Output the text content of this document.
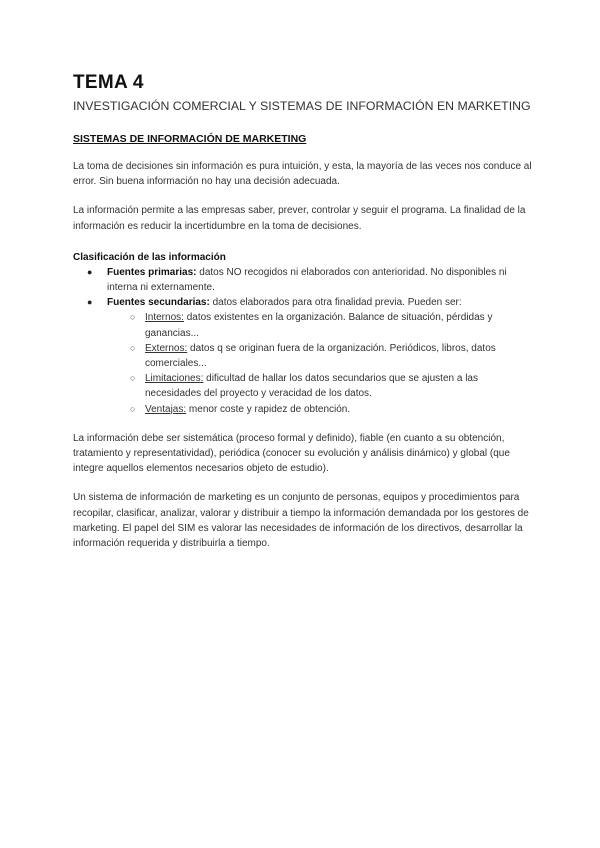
TEMA 4
INVESTIGACIÓN COMERCIAL Y SISTEMAS DE INFORMACIÓN EN MARKETING
SISTEMAS DE INFORMACIÓN DE MARKETING

La toma de decisiones sin información es pura intuición, y esta, la mayoría de las veces nos conduce al error. Sin buena información no hay una decisión adecuada.

La información permite a las empresas saber, prever, controlar y seguir el programa. La finalidad de la información es reducir la incertidumbre en la toma de decisiones.

Clasificación de las información
● Fuentes primarias: datos NO recogidos ni elaborados con anterioridad. No disponibles ni interna ni externamente.
● Fuentes secundarias: datos elaborados para otra finalidad previa. Pueden ser:
○ Internos: datos existentes en la organización. Balance de situación, pérdidas y ganancias...
○ Externos: datos q se originan fuera de la organización. Periódicos, libros, datos comerciales...
○ Limitaciones: dificultad de hallar los datos secundarios que se ajusten a las necesidades del proyecto y veracidad de los datos.
○ Ventajas: menor coste y rapidez de obtención.

La información debe ser sistemática (proceso formal y definido), fiable (en cuanto a su obtención, tratamiento y representatividad), periódica (conocer su evolución y análisis dinámico) y global (que integre aquellos elementos necesarios objeto de estudio).

Un sistema de información de marketing es un conjunto de personas, equipos y procedimientos para recopilar, clasificar, analizar, valorar y distribuir a tiempo la información demandada por los gestores de marketing. El papel del SIM es valorar las necesidades de información de los directivos, desarrollar la información requerida y distribuirla a tiempo.
